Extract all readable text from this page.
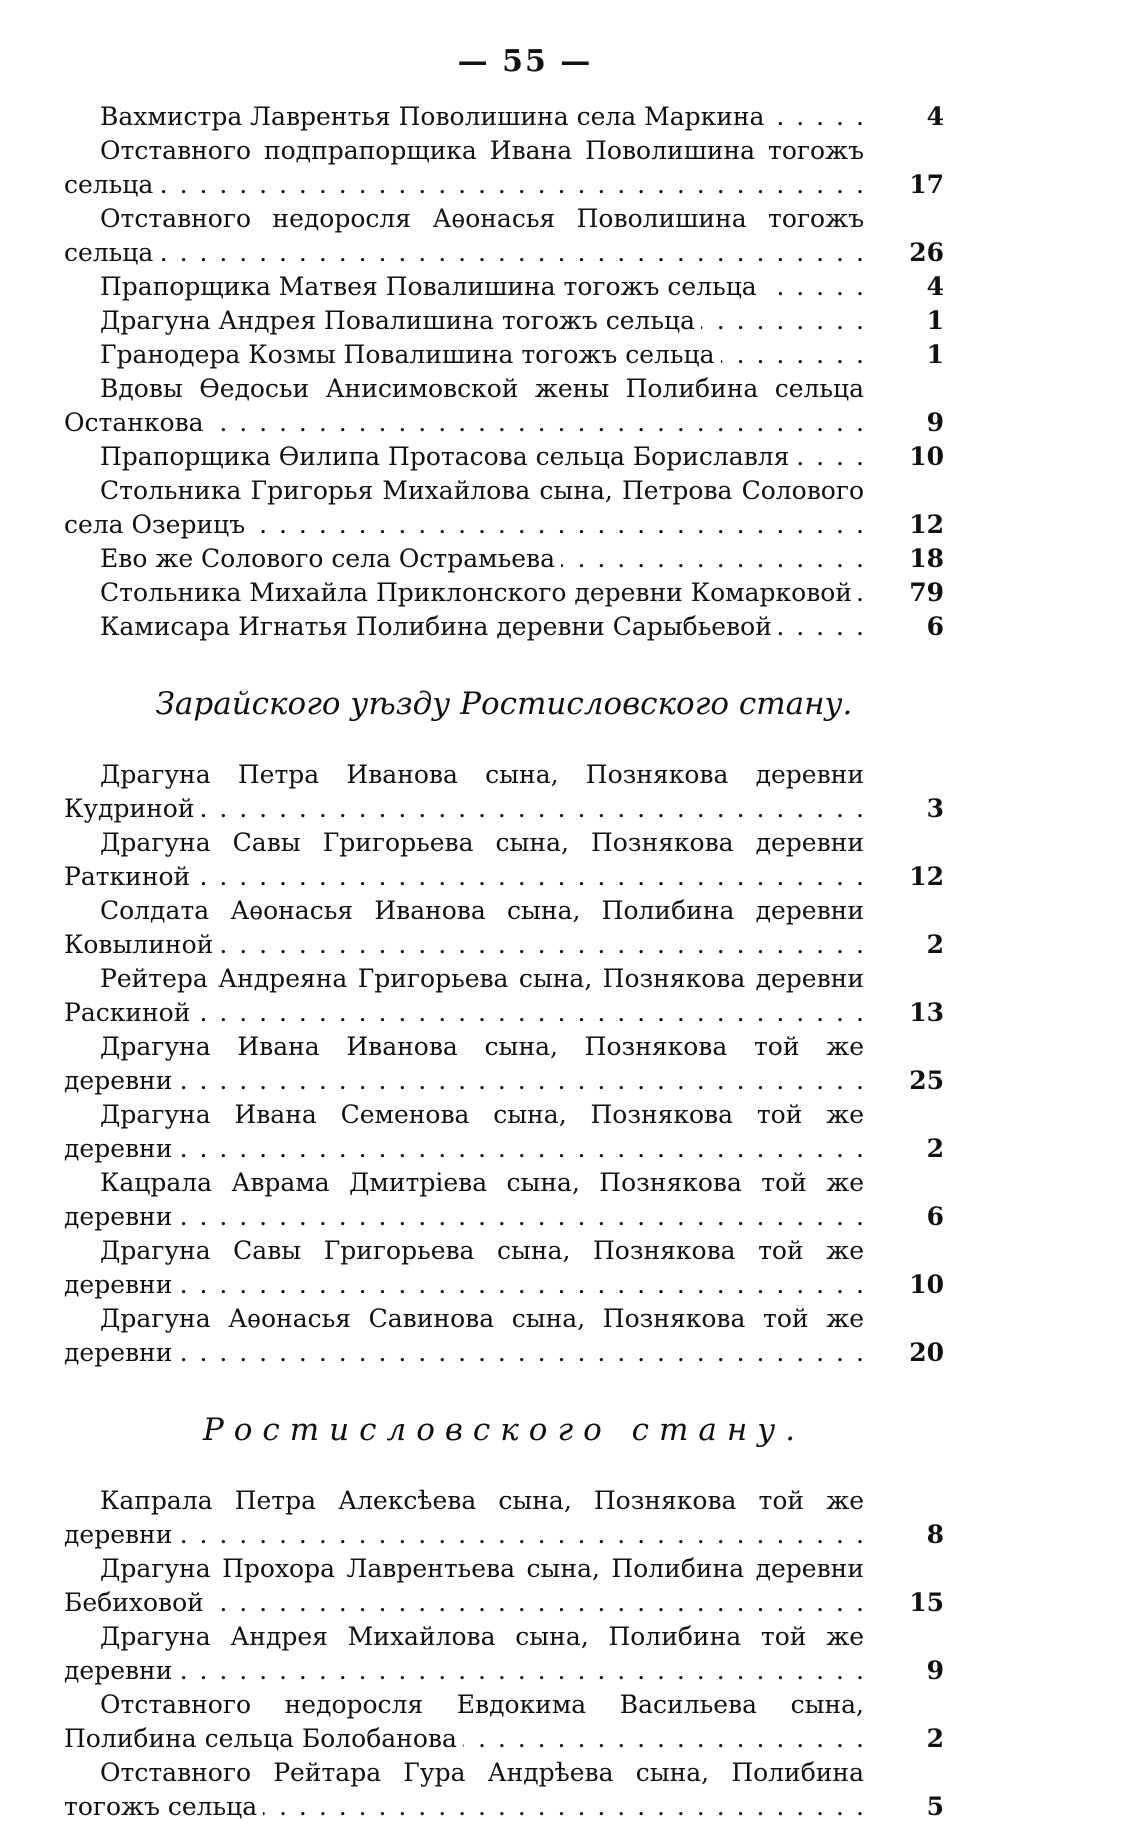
— 55 —
Вахмистра Лаврентья Поволишина села Маркина . . .	4
Отставного подпрапорщика Ивана Поволишина тогожъ сельца . . .	17
Отставного недоросля Аѳонасья Поволишина тогожъ сельца . . .	26
Прапорщика Матвея Повалишина тогожъ сельца . . .	4
Драгуна Андрея Повалишина тогожъ сельца . . .	1
Гранодера Козмы Повалишина тогожъ сельца . . .	1
Вдовы Ѳедосьи Анисимовской жены Полибина сельца Останкова . . .	9
Прапорщика Ѳилипа Протасова сельца Бориславля . . .	10
Стольника Григорья Михайлова сына, Петрова Солового села Озерицъ . . .	12
Ево же Солового села Острамьева . . .	18
Стольника Михайла Приклонского деревни Комарковой . . .	79
Камисара Игнатья Полибина деревни Сарыбьевой . . .	6
Зарайского уѣзду Ростисловского стану.
Драгуна Петра Иванова сына, Познякова деревни Кудриной . . .	3
Драгуна Савы Григорьева сына, Познякова деревни Раткиной . . .	12
Солдата Аѳонасья Иванова сына, Полибина деревни Ковылиной . . .	2
Рейтера Андреяна Григорьева сына, Познякова деревни Раскиной . . .	13
Драгуна Ивана Иванова сына, Познякова той же деревни . . .	25
Драгуна Ивана Семенова сына, Познякова той же деревни . . .	2
Кацрала Аврама Дмитрiева сына, Познякова той же деревни . . .	6
Драгуна Савы Григорьева сына, Познякова той же деревни . . .	10
Драгуна Аѳонасья Савинова сына, Познякова той же деревни . . .	20
Ростисловского стану.
Капрала Петра Алексѣева сына, Познякова той же деревни . . .	8
Драгуна Прохора Лаврентьева сына, Полибина деревни Бебиховой . . .	15
Драгуна Андрея Михайлова сына, Полибина той же деревни . . .	9
Отставного недоросля Евдокима Васильева сына, Полибина сельца Болобанова . . .	2
Отставного Рейтара Гура Андрѣева сына, Полибина тогожъ сельца . . .	5
